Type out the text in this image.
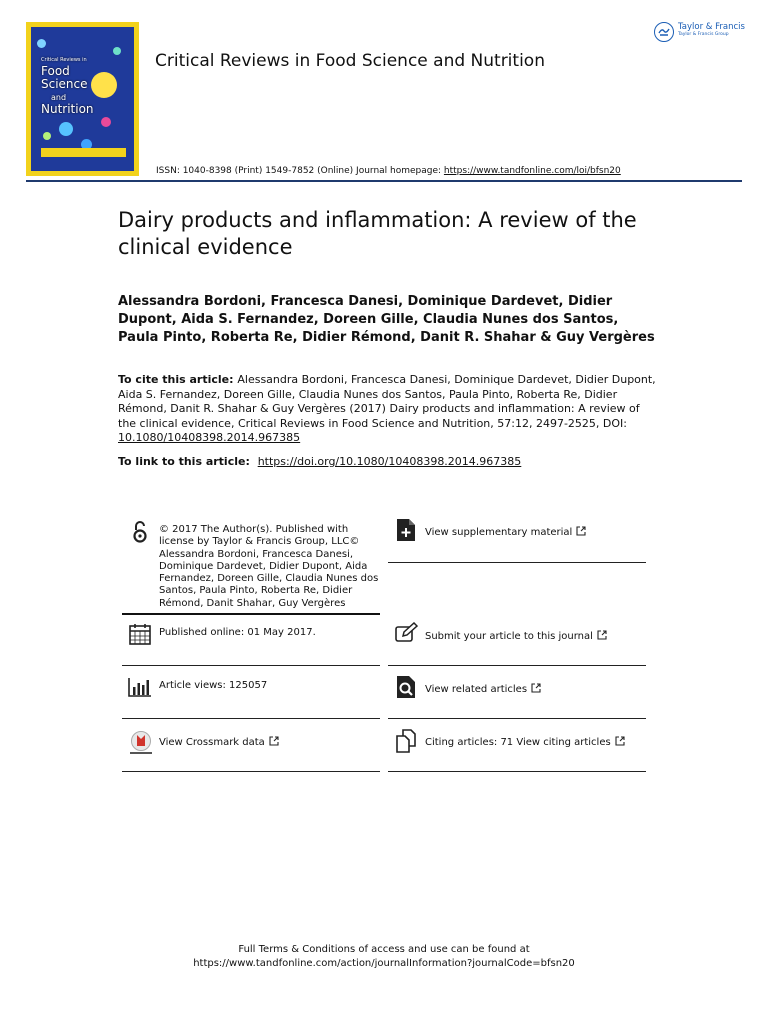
Critical Reviews in
Food
Science
and
Nutrition
Critical Reviews in Food Science and Nutrition
ISSN: 1040-8398 (Print) 1549-7852 (Online) Journal homepage: https://www.tandfonline.com/loi/bfsn20
Taylor & Francis
Taylor & Francis Group
Dairy products and inflammation: A review of the clinical evidence
Alessandra Bordoni, Francesca Danesi, Dominique Dardevet, Didier Dupont, Aida S. Fernandez, Doreen Gille, Claudia Nunes dos Santos, Paula Pinto, Roberta Re, Didier Rémond, Danit R. Shahar & Guy Vergères
To cite this article: Alessandra Bordoni, Francesca Danesi, Dominique Dardevet, Didier Dupont, Aida S. Fernandez, Doreen Gille, Claudia Nunes dos Santos, Paula Pinto, Roberta Re, Didier Rémond, Danit R. Shahar & Guy Vergères (2017) Dairy products and inflammation: A review of the clinical evidence, Critical Reviews in Food Science and Nutrition, 57:12, 2497-2525, DOI: 10.1080/10408398.2014.967385
To link to this article: https://doi.org/10.1080/10408398.2014.967385
© 2017 The Author(s). Published with license by Taylor & Francis Group, LLC© Alessandra Bordoni, Francesca Danesi, Dominique Dardevet, Didier Dupont, Aida Fernandez, Doreen Gille, Claudia Nunes dos Santos, Paula Pinto, Roberta Re, Didier Rémond, Danit Shahar, Guy Vergères
Published online: 01 May 2017.
Article views: 125057
View Crossmark data
View supplementary material
Submit your article to this journal
View related articles
Citing articles: 71 View citing articles
Full Terms & Conditions of access and use can be found at
https://www.tandfonline.com/action/journalInformation?journalCode=bfsn20
